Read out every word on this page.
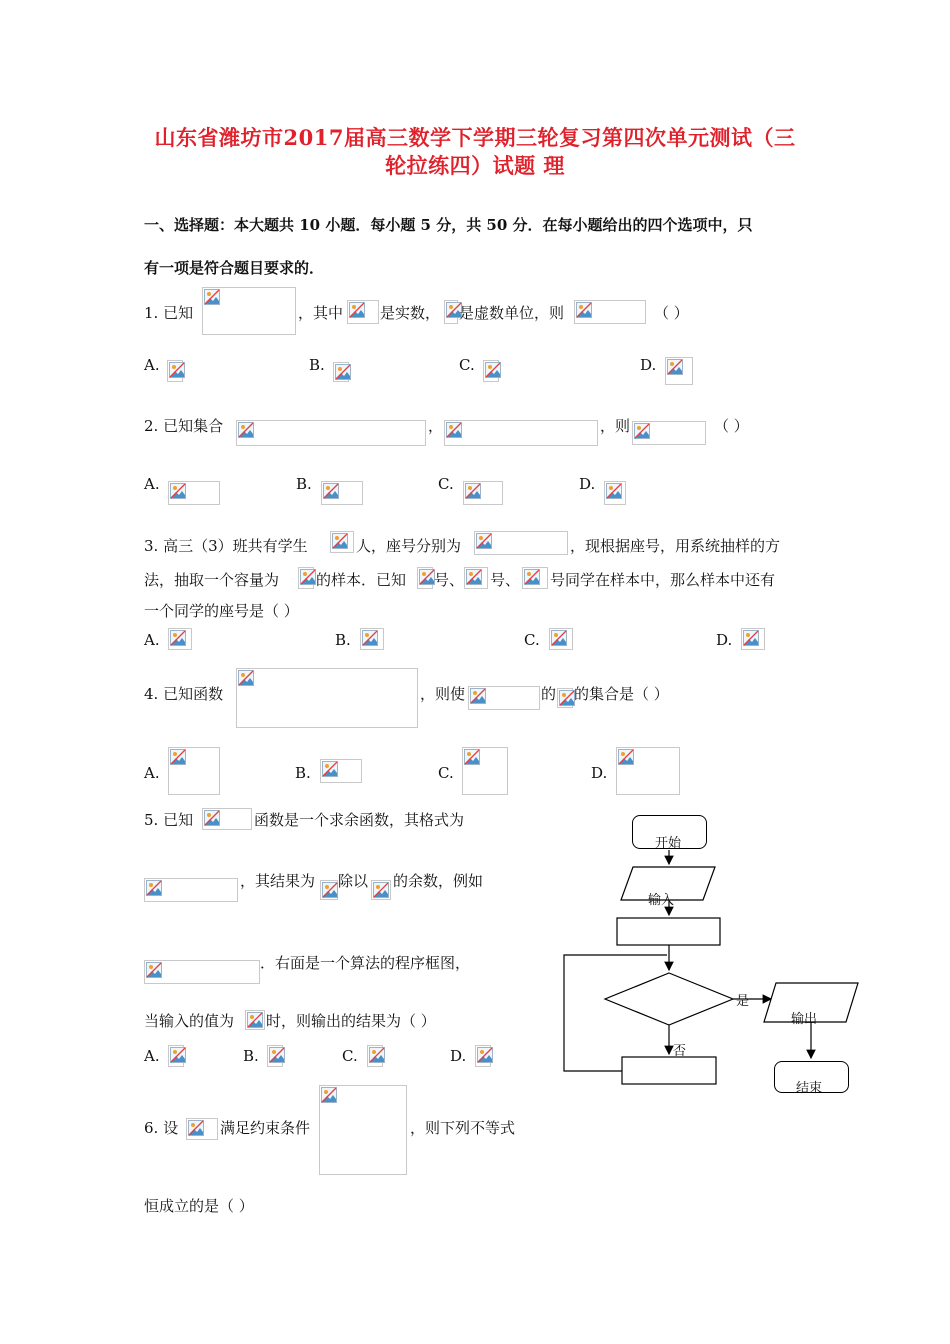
山东省潍坊市2017届高三数学下学期三轮复习第四次单元测试（三
轮拉练四）试题 理
一、选择题：本大题共 10 小题．每小题 5 分，共 50 分．在每小题给出的四个选项中，只
有一项是符合题目要求的．
1. 已知	，其中 是实数， 是虚数单位，则	（ ）
A.	B.	C.	D.
2. 已知集合	，	，则	（ ）
A.	B.	C.	D.
3. 高三（3）班共有学生	人，座号分别为	，现根据座号，用系统抽样的方
法，抽取一个容量为 的样本．已知 号、 号、 号同学在样本中，那么样本中还有
一个同学的座号是（ ）
A.	B.	C.	D.
4. 已知函数	，则使	的 的集合是（ ）
A.	B.	C.	D.
5. 已知	函数是一个求余函数，其格式为
，其结果为 除以 的余数，例如
．右面是一个算法的程序框图，
当输入的值为 时，则输出的结果为（ ）
A.	B.	C.	D.
6. 设	满足约束条件	，则下列不等式
恒成立的是（ ）
开始
输入
是
输出
否
结束
